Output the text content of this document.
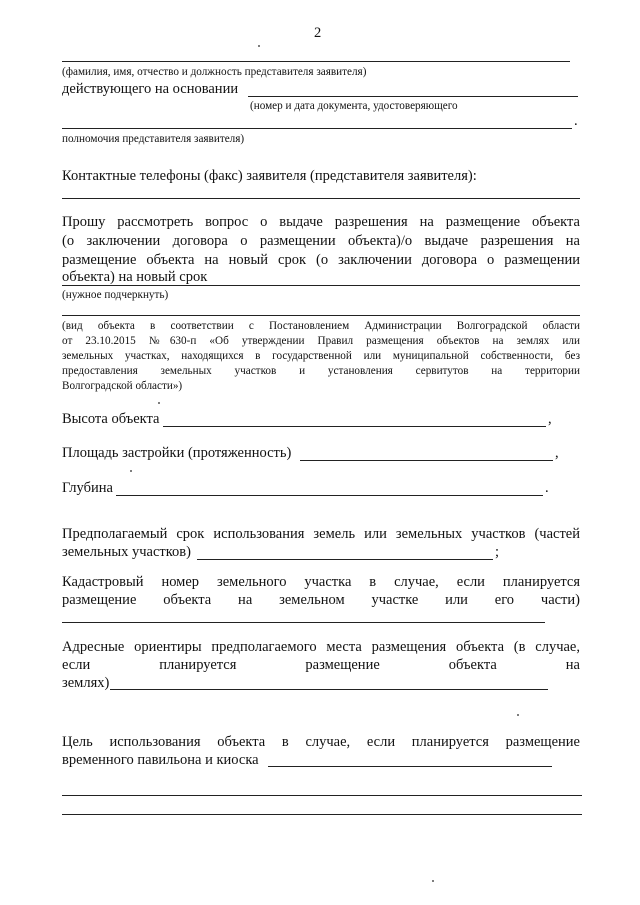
2
(фамилия, имя, отчество и должность представителя заявителя)
действующего на основании
(номер и дата документа, удостоверяющего
.
полномочия представителя заявителя)
Контактные телефоны (факс) заявителя (представителя заявителя):
Прошу рассмотреть вопрос о выдаче разрешения на размещение объекта
(о заключении договора о размещении объекта)/о выдаче разрешения на
размещение объекта на новый срок (о заключении договора о размещении
объекта) на новый срок
(нужное подчеркнуть)
(вид объекта в соответствии с Постановлением Администрации Волгоградской области
от 23.10.2015 №630-п «Об утверждении Правил размещения объектов на землях или
земельных участках, находящихся в государственной или муниципальной собственности, без
предоставления земельных участков и установления сервитутов на территории
Волгоградской области»)
Высота объекта	,
Площадь застройки (протяженность)	,
Глубина	.
Предполагаемый срок использования земель или земельных участков (частей
земельных участков)	;
Кадастровый номер земельного участка в случае, если планируется
размещение объекта на земельном участке или его части)
Адресные ориентиры предполагаемого места размещения объекта (в случае,
если планируется размещение объекта на
землях)
Цель использования объекта в случае, если планируется размещение
временного павильона и киоска
